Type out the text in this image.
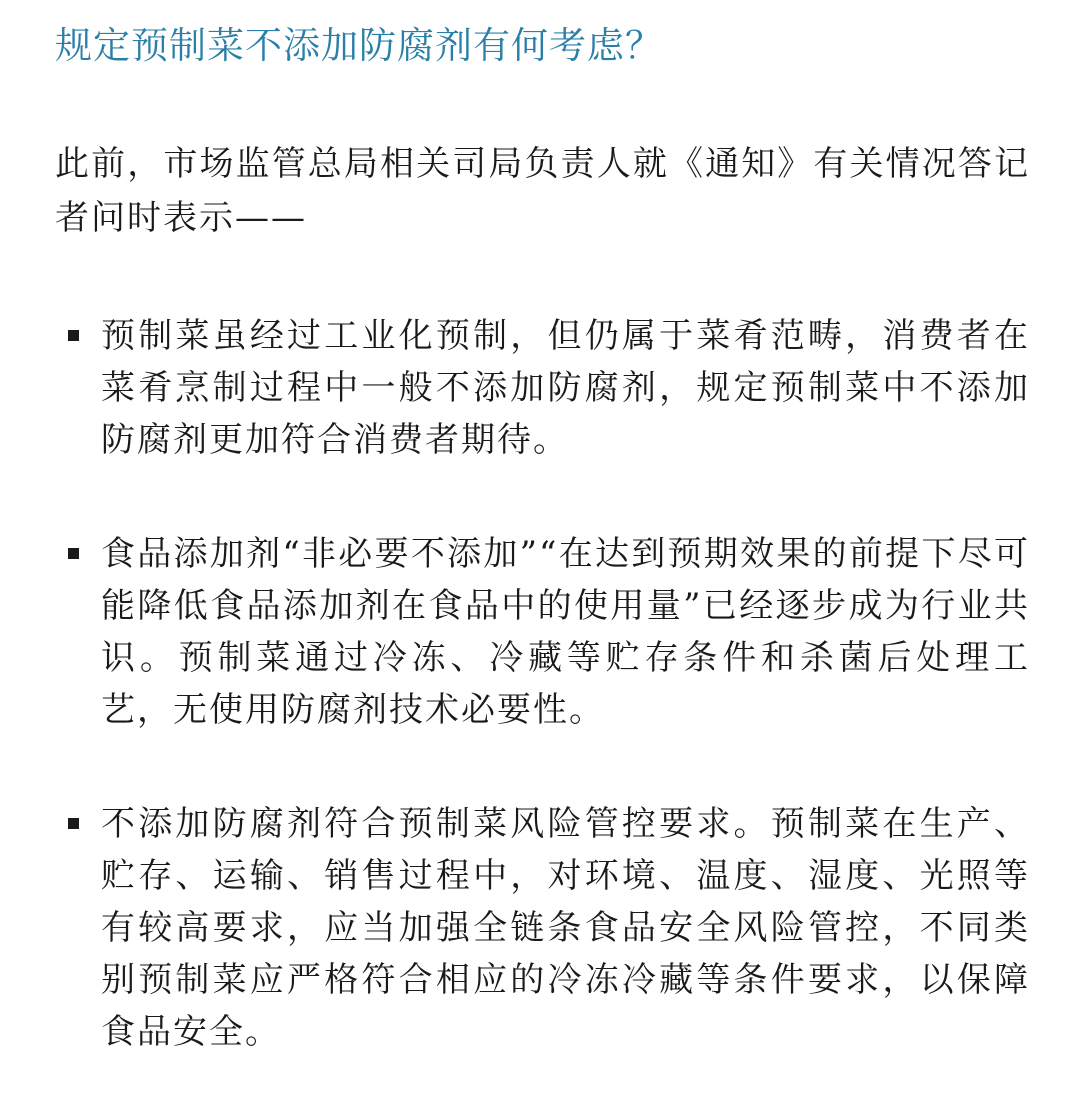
规定预制菜不添加防腐剂有何考虑？
此前，市场监管总局相关司局负责人就《通知》有关情况答记者问时表示——
预制菜虽经过工业化预制，但仍属于菜肴范畴，消费者在菜肴烹制过程中一般不添加防腐剂，规定预制菜中不添加防腐剂更加符合消费者期待。
食品添加剂“非必要不添加”“在达到预期效果的前提下尽可能降低食品添加剂在食品中的使用量”已经逐步成为行业共识。预制菜通过冷冻、冷藏等贮存条件和杀菌后处理工艺，无使用防腐剂技术必要性。
不添加防腐剂符合预制菜风险管控要求。预制菜在生产、贮存、运输、销售过程中，对环境、温度、湿度、光照等有较高要求，应当加强全链条食品安全风险管控，不同类别预制菜应严格符合相应的冷冻冷藏等条件要求，以保障食品安全。
